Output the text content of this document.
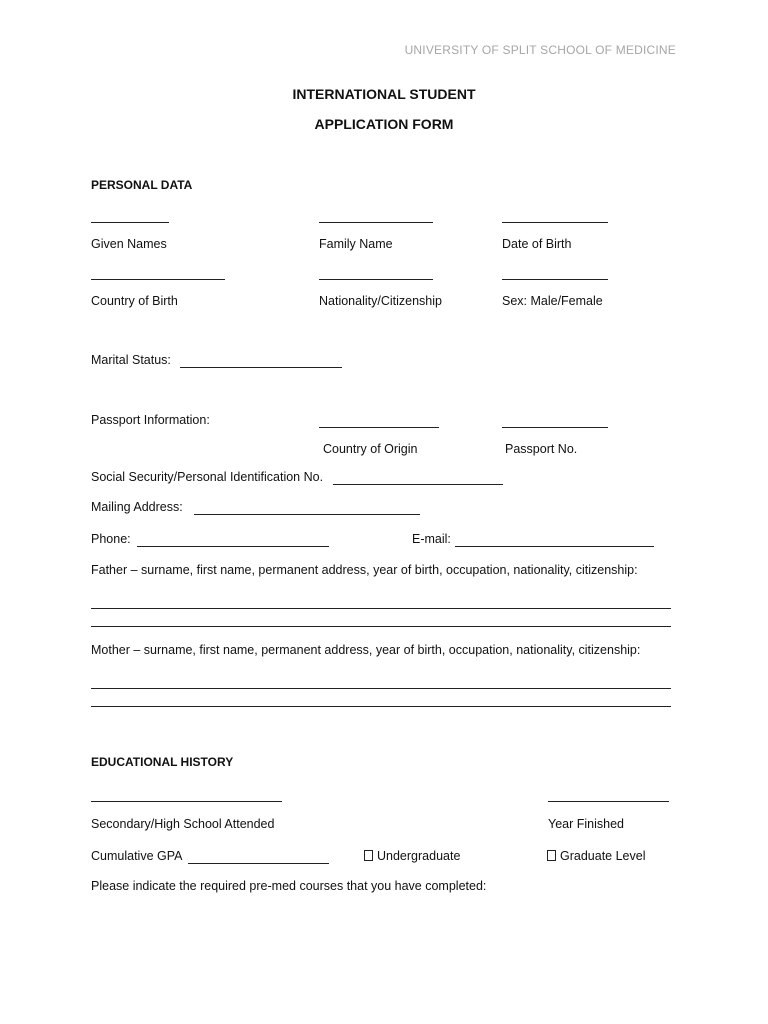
UNIVERSITY OF SPLIT SCHOOL OF MEDICINE
INTERNATIONAL STUDENT
APPLICATION FORM
PERSONAL DATA
Given Names	Family Name	Date of Birth
Country of Birth	Nationality/Citizenship	Sex: Male/Female
Marital Status:
Passport Information:
Country of Origin	Passport No.
Social Security/Personal Identification No.
Mailing Address:
Phone:	E-mail:
Father – surname, first name, permanent address, year of birth, occupation, nationality, citizenship:
Mother – surname, first name, permanent address, year of birth, occupation, nationality, citizenship:
EDUCATIONAL HISTORY
Secondary/High School Attended	Year Finished
Cumulative GPA	Undergraduate	Graduate Level
Please indicate the required pre-med courses that you have completed:
